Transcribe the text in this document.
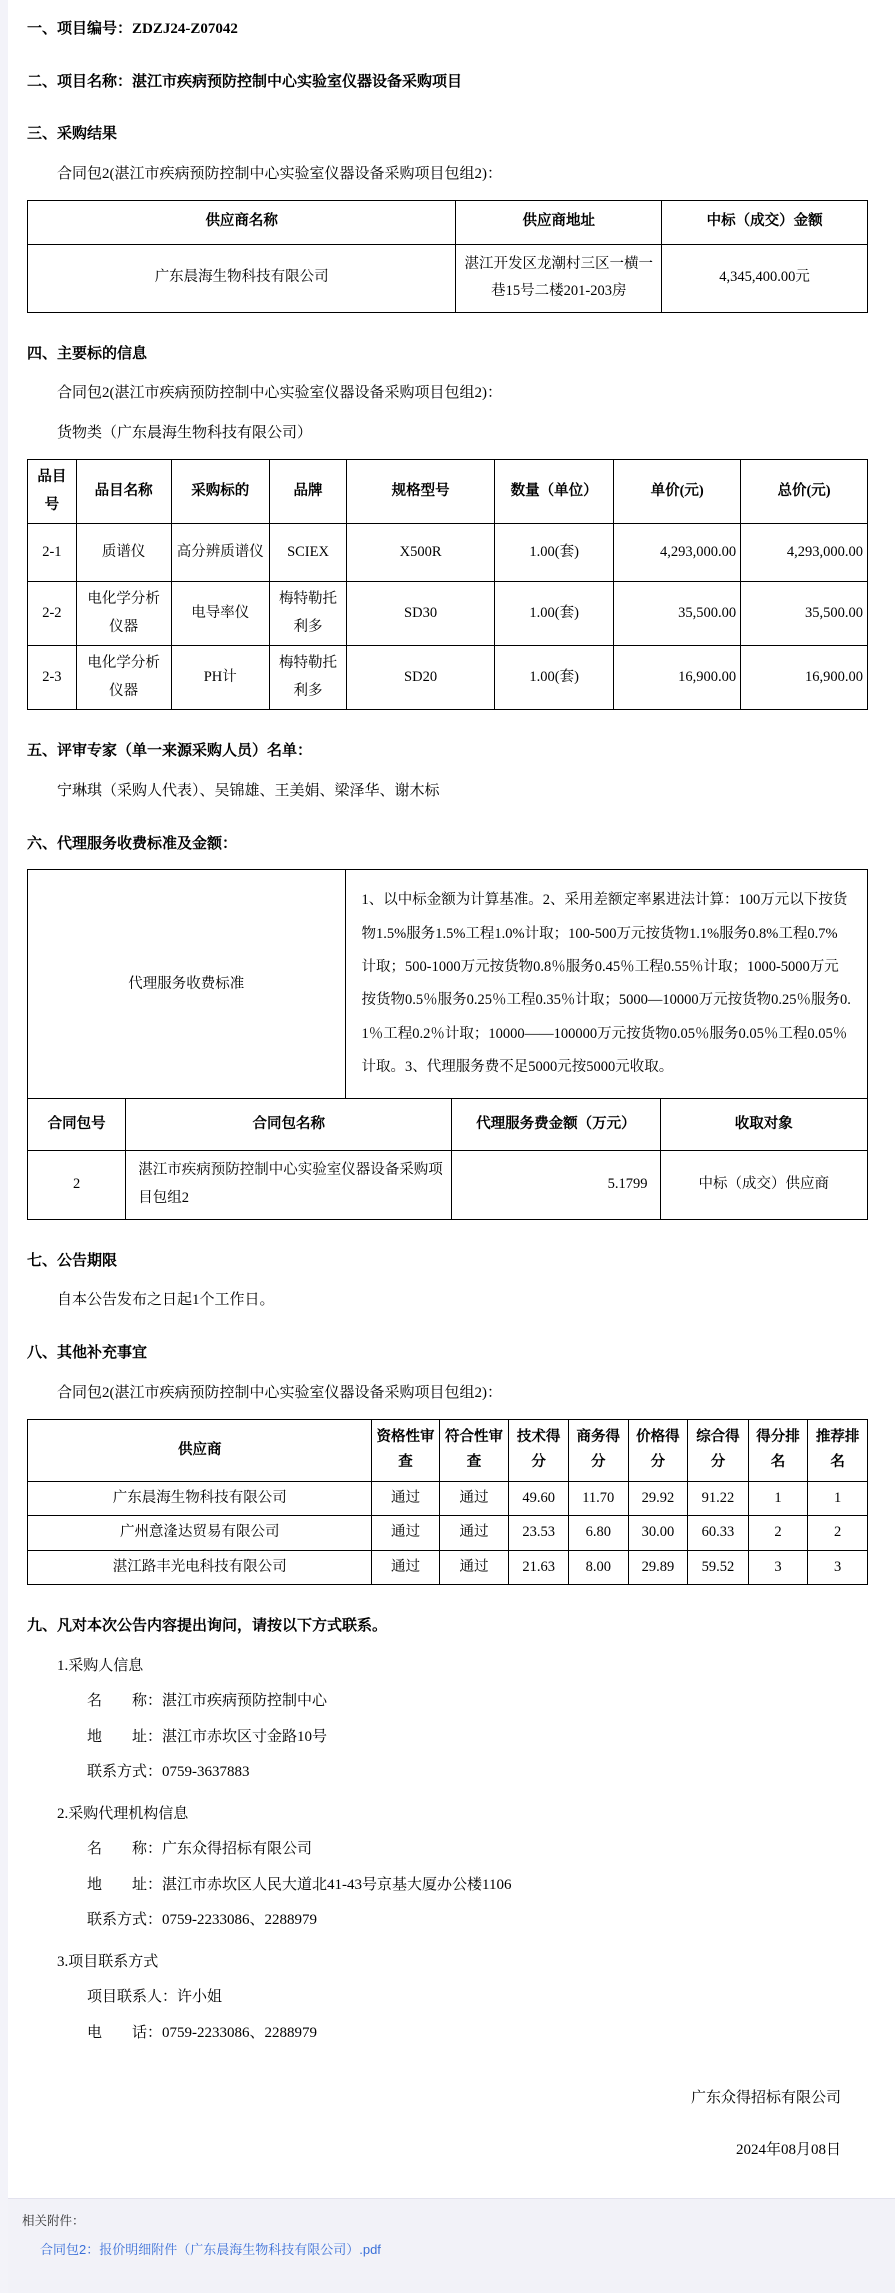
一、项目编号：ZDZJ24-Z07042
二、项目名称：湛江市疾病预防控制中心实验室仪器设备采购项目
三、采购结果
合同包2(湛江市疾病预防控制中心实验室仪器设备采购项目包组2)：
供应商名称	供应商地址	中标（成交）金额
广东晨海生物科技有限公司	湛江开发区龙潮村三区一横一巷15号二楼201-203房	4,345,400.00元
四、主要标的信息
合同包2(湛江市疾病预防控制中心实验室仪器设备采购项目包组2)：
货物类（广东晨海生物科技有限公司）
品目号	品目名称	采购标的	品牌	规格型号	数量（单位）	单价(元)	总价(元)
2-1	质谱仪	高分辨质谱仪	SCIEX	X500R	1.00(套)	4,293,000.00	4,293,000.00
2-2	电化学分析仪器	电导率仪	梅特勒托利多	SD30	1.00(套)	35,500.00	35,500.00
2-3	电化学分析仪器	PH计	梅特勒托利多	SD20	1.00(套)	16,900.00	16,900.00
五、评审专家（单一来源采购人员）名单：
宁琳琪（采购人代表）、吴锦雄、王美娟、梁泽华、谢木标
六、代理服务收费标准及金额：
代理服务收费标准	1、以中标金额为计算基准。2、采用差额定率累进法计算：100万元以下按货物1.5%服务1.5%工程1.0%计取；100-500万元按货物1.1%服务0.8%工程0.7%计取；500-1000万元按货物0.8％服务0.45％工程0.55％计取；1000-5000万元按货物0.5％服务0.25％工程0.35％计取；5000—10000万元按货物0.25％服务0.1％工程0.2％计取；10000——100000万元按货物0.05％服务0.05％工程0.05％计取。3、代理服务费不足5000元按5000元收取。
合同包号	合同包名称	代理服务费金额（万元）	收取对象
2	湛江市疾病预防控制中心实验室仪器设备采购项目包组2	5.1799	中标（成交）供应商
七、公告期限
自本公告发布之日起1个工作日。
八、其他补充事宜
合同包2(湛江市疾病预防控制中心实验室仪器设备采购项目包组2)：
供应商	资格性审查	符合性审查	技术得分	商务得分	价格得分	综合得分	得分排名	推荐排名
广东晨海生物科技有限公司	通过	通过	49.60	11.70	29.92	91.22	1	1
广州意湰达贸易有限公司	通过	通过	23.53	6.80	30.00	60.33	2	2
湛江路丰光电科技有限公司	通过	通过	21.63	8.00	29.89	59.52	3	3
九、凡对本次公告内容提出询问，请按以下方式联系。
1.采购人信息
名　　称：湛江市疾病预防控制中心
地　　址：湛江市赤坎区寸金路10号
联系方式：0759-3637883
2.采购代理机构信息
名　　称：广东众得招标有限公司
地　　址：湛江市赤坎区人民大道北41-43号京基大厦办公楼1106
联系方式：0759-2233086、2288979
3.项目联系方式
项目联系人：许小姐
电　　话：0759-2233086、2288979
广东众得招标有限公司
2024年08月08日
相关附件：
合同包2：报价明细附件（广东晨海生物科技有限公司）.pdf
